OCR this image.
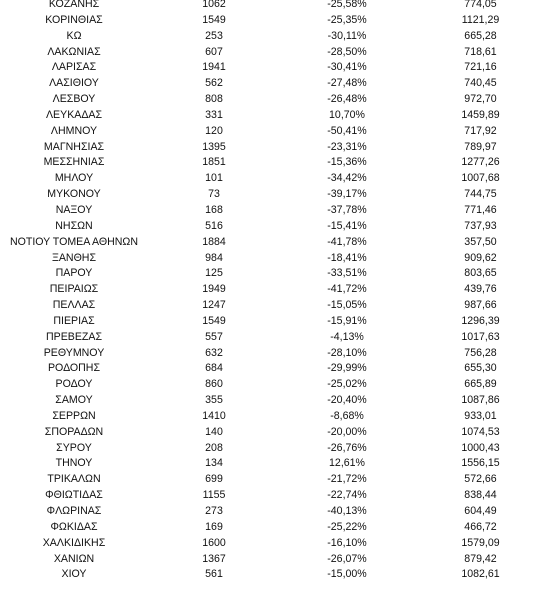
ΚΟΖΑΝΗΣ	1062	-25,58%	774,05
ΚΟΡΙΝΘΙΑΣ	1549	-25,35%	1121,29
ΚΩ	253	-30,11%	665,28
ΛΑΚΩΝΙΑΣ	607	-28,50%	718,61
ΛΑΡΙΣΑΣ	1941	-30,41%	721,16
ΛΑΣΙΘΙΟΥ	562	-27,48%	740,45
ΛΕΣΒΟΥ	808	-26,48%	972,70
ΛΕΥΚΑΔΑΣ	331	10,70%	1459,89
ΛΗΜΝΟΥ	120	-50,41%	717,92
ΜΑΓΝΗΣΙΑΣ	1395	-23,31%	789,97
ΜΕΣΣΗΝΙΑΣ	1851	-15,36%	1277,26
ΜΗΛΟΥ	101	-34,42%	1007,68
ΜΥΚΟΝΟΥ	73	-39,17%	744,75
ΝΑΞΟΥ	168	-37,78%	771,46
ΝΗΣΩΝ	516	-15,41%	737,93
ΝΟΤΙΟΥ ΤΟΜΕΑ ΑΘΗΝΩΝ	1884	-41,78%	357,50
ΞΑΝΘΗΣ	984	-18,41%	909,62
ΠΑΡΟΥ	125	-33,51%	803,65
ΠΕΙΡΑΙΩΣ	1949	-41,72%	439,76
ΠΕΛΛΑΣ	1247	-15,05%	987,66
ΠΙΕΡΙΑΣ	1549	-15,91%	1296,39
ΠΡΕΒΕΖΑΣ	557	-4,13%	1017,63
ΡΕΘΥΜΝΟΥ	632	-28,10%	756,28
ΡΟΔΟΠΗΣ	684	-29,99%	655,30
ΡΟΔΟΥ	860	-25,02%	665,89
ΣΑΜΟΥ	355	-20,40%	1087,86
ΣΕΡΡΩΝ	1410	-8,68%	933,01
ΣΠΟΡΑΔΩΝ	140	-20,00%	1074,53
ΣΥΡΟΥ	208	-26,76%	1000,43
ΤΗΝΟΥ	134	12,61%	1556,15
ΤΡΙΚΑΛΩΝ	699	-21,72%	572,66
ΦΘΙΩΤΙΔΑΣ	1155	-22,74%	838,44
ΦΛΩΡΙΝΑΣ	273	-40,13%	604,49
ΦΩΚΙΔΑΣ	169	-25,22%	466,72
ΧΑΛΚΙΔΙΚΗΣ	1600	-16,10%	1579,09
ΧΑΝΙΩΝ	1367	-26,07%	879,42
ΧΙΟΥ	561	-15,00%	1082,61
